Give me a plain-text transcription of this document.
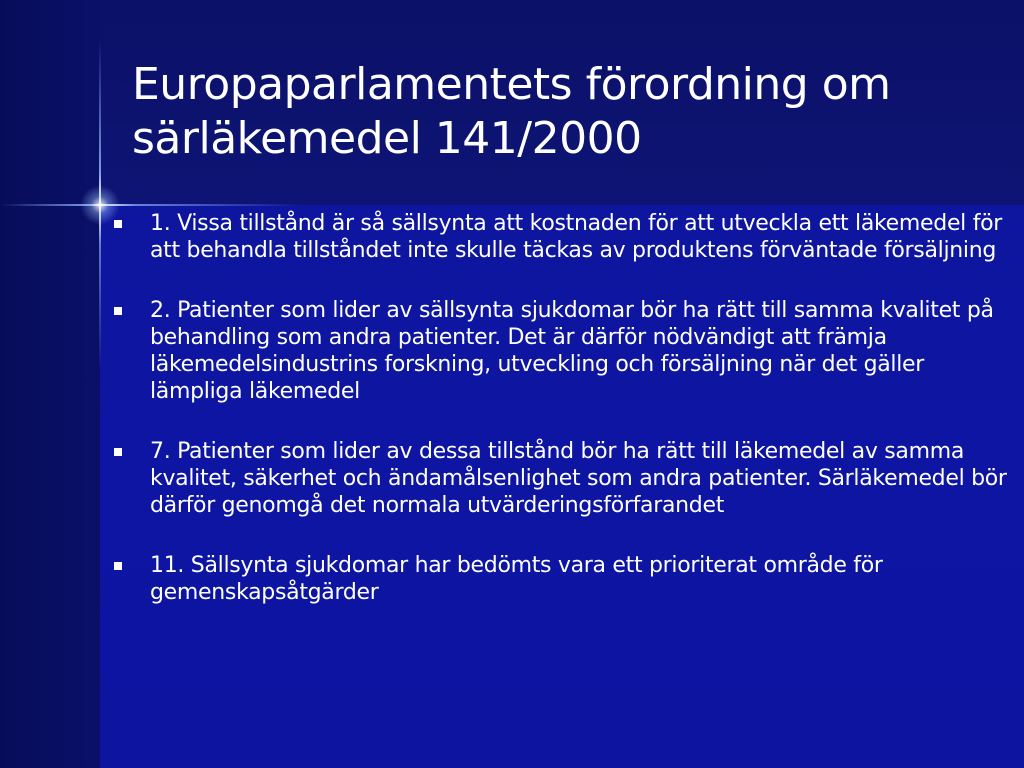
Europaparlamentets förordning om
särläkemedel 141/2000
1. Vissa tillstånd är så sällsynta att kostnaden för att utveckla ett läkemedel för att behandla tillståndet inte skulle täckas av produktens förväntade försäljning
2. Patienter som lider av sällsynta sjukdomar bör ha rätt till samma kvalitet på behandling som andra patienter. Det är därför nödvändigt att främja läkemedelsindustrins forskning, utveckling och försäljning när det gäller lämpliga läkemedel
7. Patienter som lider av dessa tillstånd bör ha rätt till läkemedel av samma kvalitet, säkerhet och ändamålsenlighet som andra patienter. Särläkemedel bör därför genomgå det normala utvärderingsförfarandet
11. Sällsynta sjukdomar har bedömts vara ett prioriterat område för gemenskapsåtgärder
